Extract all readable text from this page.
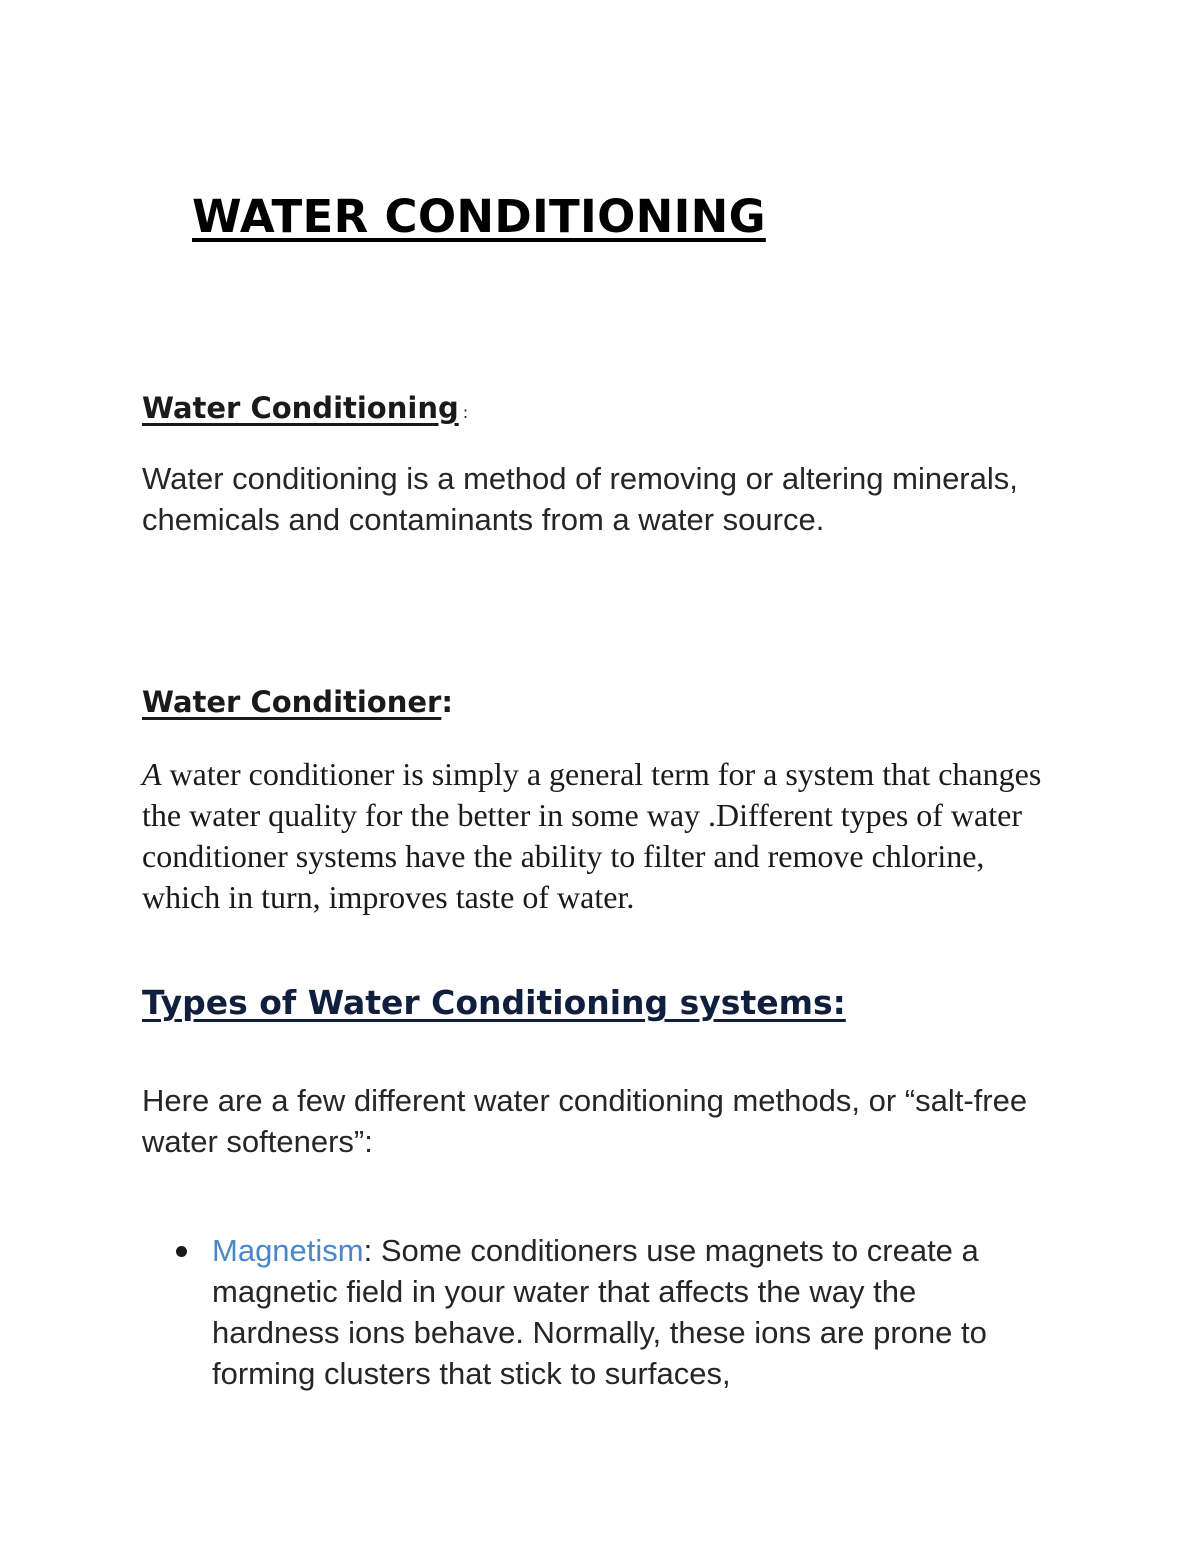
WATER CONDITIONING
Water Conditioning :

Water conditioning is a method of removing or altering minerals, chemicals and contaminants from a water source.

Water Conditioner:

A water conditioner is simply a general term for a system that changes the water quality for the better in some way .Different types of water conditioner systems have the ability to filter and remove chlorine, which in turn, improves taste of water.

Types of Water Conditioning systems:

Here are a few different water conditioning methods, or “salt-free water softeners”:

Magnetism: Some conditioners use magnets to create a magnetic field in your water that affects the way the hardness ions behave. Normally, these ions are prone to forming clusters that stick to surfaces,
